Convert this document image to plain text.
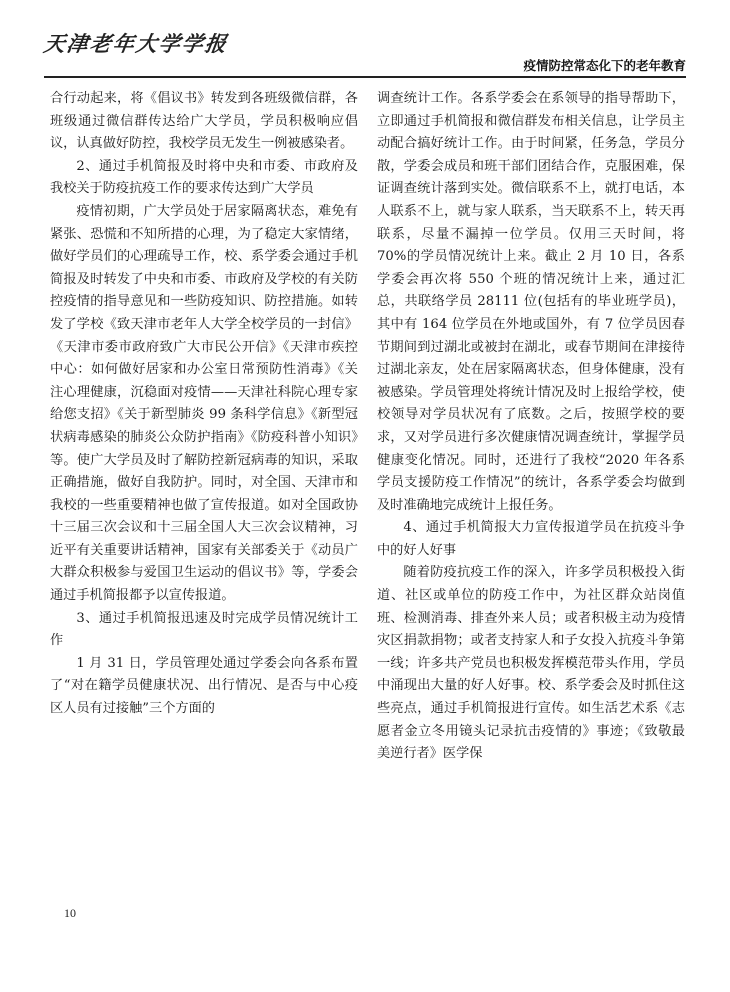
天津老年大学学报
疫情防控常态化下的老年教育

合行动起来，将《倡议书》转发到各班级微信群，各班级通过微信群传达给广大学员，学员积极响应倡议，认真做好防控，我校学员无发生一例被感染者。

2、通过手机简报及时将中央和市委、市政府及我校关于防疫抗疫工作的要求传达到广大学员

疫情初期，广大学员处于居家隔离状态，难免有紧张、恐慌和不知所措的心理，为了稳定大家情绪，做好学员们的心理疏导工作，校、系学委会通过手机简报及时转发了中央和市委、市政府及学校的有关防控疫情的指导意见和一些防疫知识、防控措施。如转发了学校《致天津市老年人大学全校学员的一封信》《天津市委市政府致广大市民公开信》《天津市疾控中心：如何做好居家和办公室日常预防性消毒》《关注心理健康，沉稳面对疫情——天津社科院心理专家给您支招》《关于新型肺炎 99 条科学信息》《新型冠状病毒感染的肺炎公众防护指南》《防疫科普小知识》等。使广大学员及时了解防控新冠病毒的知识，采取正确措施，做好自我防护。同时，对全国、天津市和我校的一些重要精神也做了宣传报道。如对全国政协十三届三次会议和十三届全国人大三次会议精神，习近平有关重要讲话精神，国家有关部委关于《动员广大群众积极参与爱国卫生运动的倡议书》等，学委会通过手机简报都予以宣传报道。

3、通过手机简报迅速及时完成学员情况统计工作

1 月 31 日，学员管理处通过学委会向各系布置了“对在籍学员健康状况、出行情况、是否与中心疫区人员有过接触”三个方面的

调查统计工作。各系学委会在系领导的指导帮助下，立即通过手机简报和微信群发布相关信息，让学员主动配合搞好统计工作。由于时间紧，任务急，学员分散，学委会成员和班干部们团结合作，克服困难，保证调查统计落到实处。微信联系不上，就打电话，本人联系不上，就与家人联系，当天联系不上，转天再联系，尽量不漏掉一位学员。仅用三天时间，将 70%的学员情况统计上来。截止 2 月 10 日，各系学委会再次将 550 个班的情况统计上来，通过汇总，共联络学员 28111 位(包括有的毕业班学员)，其中有 164 位学员在外地或国外，有 7 位学员因春节期间到过湖北或被封在湖北，或春节期间在津接待过湖北亲友，处在居家隔离状态，但身体健康，没有被感染。学员管理处将统计情况及时上报给学校，使校领导对学员状况有了底数。之后，按照学校的要求，又对学员进行多次健康情况调查统计，掌握学员健康变化情况。同时，还进行了我校“2020 年各系学员支援防疫工作情况”的统计，各系学委会均做到及时准确地完成统计上报任务。

4、通过手机简报大力宣传报道学员在抗疫斗争中的好人好事

随着防疫抗疫工作的深入，许多学员积极投入街道、社区或单位的防疫工作中，为社区群众站岗值班、检测消毒、排查外来人员；或者积极主动为疫情灾区捐款捐物；或者支持家人和子女投入抗疫斗争第一线；许多共产党员也积极发挥模范带头作用，学员中涌现出大量的好人好事。校、系学委会及时抓住这些亮点，通过手机简报进行宣传。如生活艺术系《志愿者金立冬用镜头记录抗击疫情的》事迹；《致敬最美逆行者》医学保

10
